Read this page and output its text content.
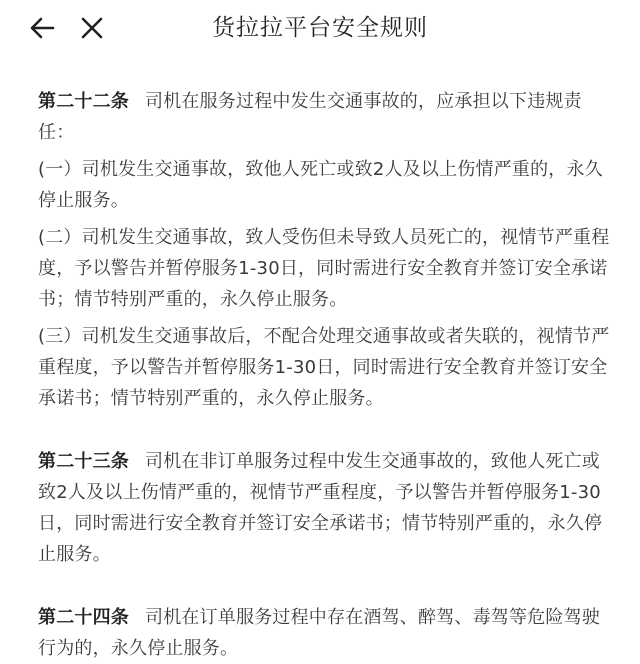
货拉拉平台安全规则

第二十二条 司机在服务过程中发生交通事故的，应承担以下违规责任：

(一）司机发生交通事故，致他人死亡或致2人及以上伤情严重的，永久停止服务。

(二）司机发生交通事故，致人受伤但未导致人员死亡的，视情节严重程度，予以警告并暂停服务1-30日，同时需进行安全教育并签订安全承诺书；情节特别严重的，永久停止服务。

(三）司机发生交通事故后，不配合处理交通事故或者失联的，视情节严重程度，予以警告并暂停服务1-30日，同时需进行安全教育并签订安全承诺书；情节特别严重的，永久停止服务。

第二十三条 司机在非订单服务过程中发生交通事故的，致他人死亡或致2人及以上伤情严重的，视情节严重程度，予以警告并暂停服务1-30日，同时需进行安全教育并签订安全承诺书；情节特别严重的，永久停止服务。

第二十四条 司机在订单服务过程中存在酒驾、醉驾、毒驾等危险驾驶行为的，永久停止服务。
